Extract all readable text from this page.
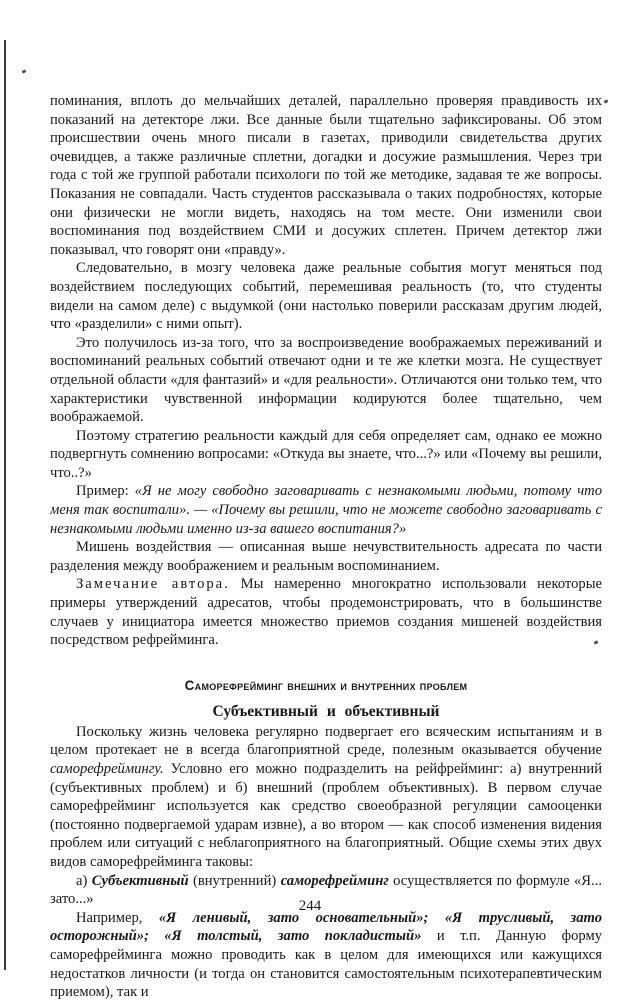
поминания, вплоть до мельчайших деталей, параллельно проверяя правдивость их показаний на детекторе лжи. Все данные были тщательно зафиксированы. Об этом происшествии очень много писали в газетах, приводили свидетельства других очевидцев, а также различные сплетни, догадки и досужие размышления. Через три года с той же группой работали психологи по той же методике, задавая те же вопросы. Показания не совпадали. Часть студентов рассказывала о таких подробностях, которые они физически не могли видеть, находясь на том месте. Они изменили свои воспоминания под воздействием СМИ и досужих сплетен. Причем детектор лжи показывал, что говорят они «правду».

Следовательно, в мозгу человека даже реальные события могут меняться под воздействием последующих событий, перемешивая реальность (то, что студенты видели на самом деле) с выдумкой (они настолько поверили рассказам другим людей, что «разделили» с ними опыт).

Это получилось из-за того, что за воспроизведение воображаемых переживаний и воспоминаний реальных событий отвечают одни и те же клетки мозга. Не существует отдельной области «для фантазий» и «для реальности». Отличаются они только тем, что характеристики чувственной информации кодируются более тщательно, чем воображаемой.

Поэтому стратегию реальности каждый для себя определяет сам, однако ее можно подвергнуть сомнению вопросами: «Откуда вы знаете, что...?» или «Почему вы решили, что..?»

Пример: «Я не могу свободно заговаривать с незнакомыми людьми, потому что меня так воспитали». — «Почему вы решили, что не можете свободно заговаривать с незнакомыми людьми именно из-за вашего воспитания?»

Мишень воздействия — описанная выше нечувствительность адресата по части разделения между воображением и реальным воспоминанием.

Замечание автора. Мы намеренно многократно использовали некоторые примеры утверждений адресатов, чтобы продемонстрировать, что в большинстве случаев у инициатора имеется множество приемов создания мишеней воздействия посредством рефрейминга.

Саморефрейминг внешних и внутренних проблем
Субъективный и объективный

Поскольку жизнь человека регулярно подвергает его всяческим испытаниям и в целом протекает не в всегда благоприятной среде, полезным оказывается обучение саморефреймингу. Условно его можно подразделить на рейфрейминг: а) внутренний (субъективных проблем) и б) внешний (проблем объективных). В первом случае саморефрейминг используется как средство своеобразной регуляции самооценки (постоянно подвергаемой ударам извне), а во втором — как способ изменения видения проблем или ситуаций с неблагоприятного на благоприятный. Общие схемы этих двух видов саморефрейминга таковы:

а) Субъективный (внутренний) саморефрейминг осуществляется по формуле «Я... зато...»

Например, «Я ленивый, зато основательный»; «Я трусливый, зато осторожный»; «Я толстый, зато покладистый» и т.п. Данную форму саморефрейминга можно проводить как в целом для имеющихся или кажущихся недостатков личности (и тогда он становится самостоятельным психотерапевтическим приемом), так и

244
